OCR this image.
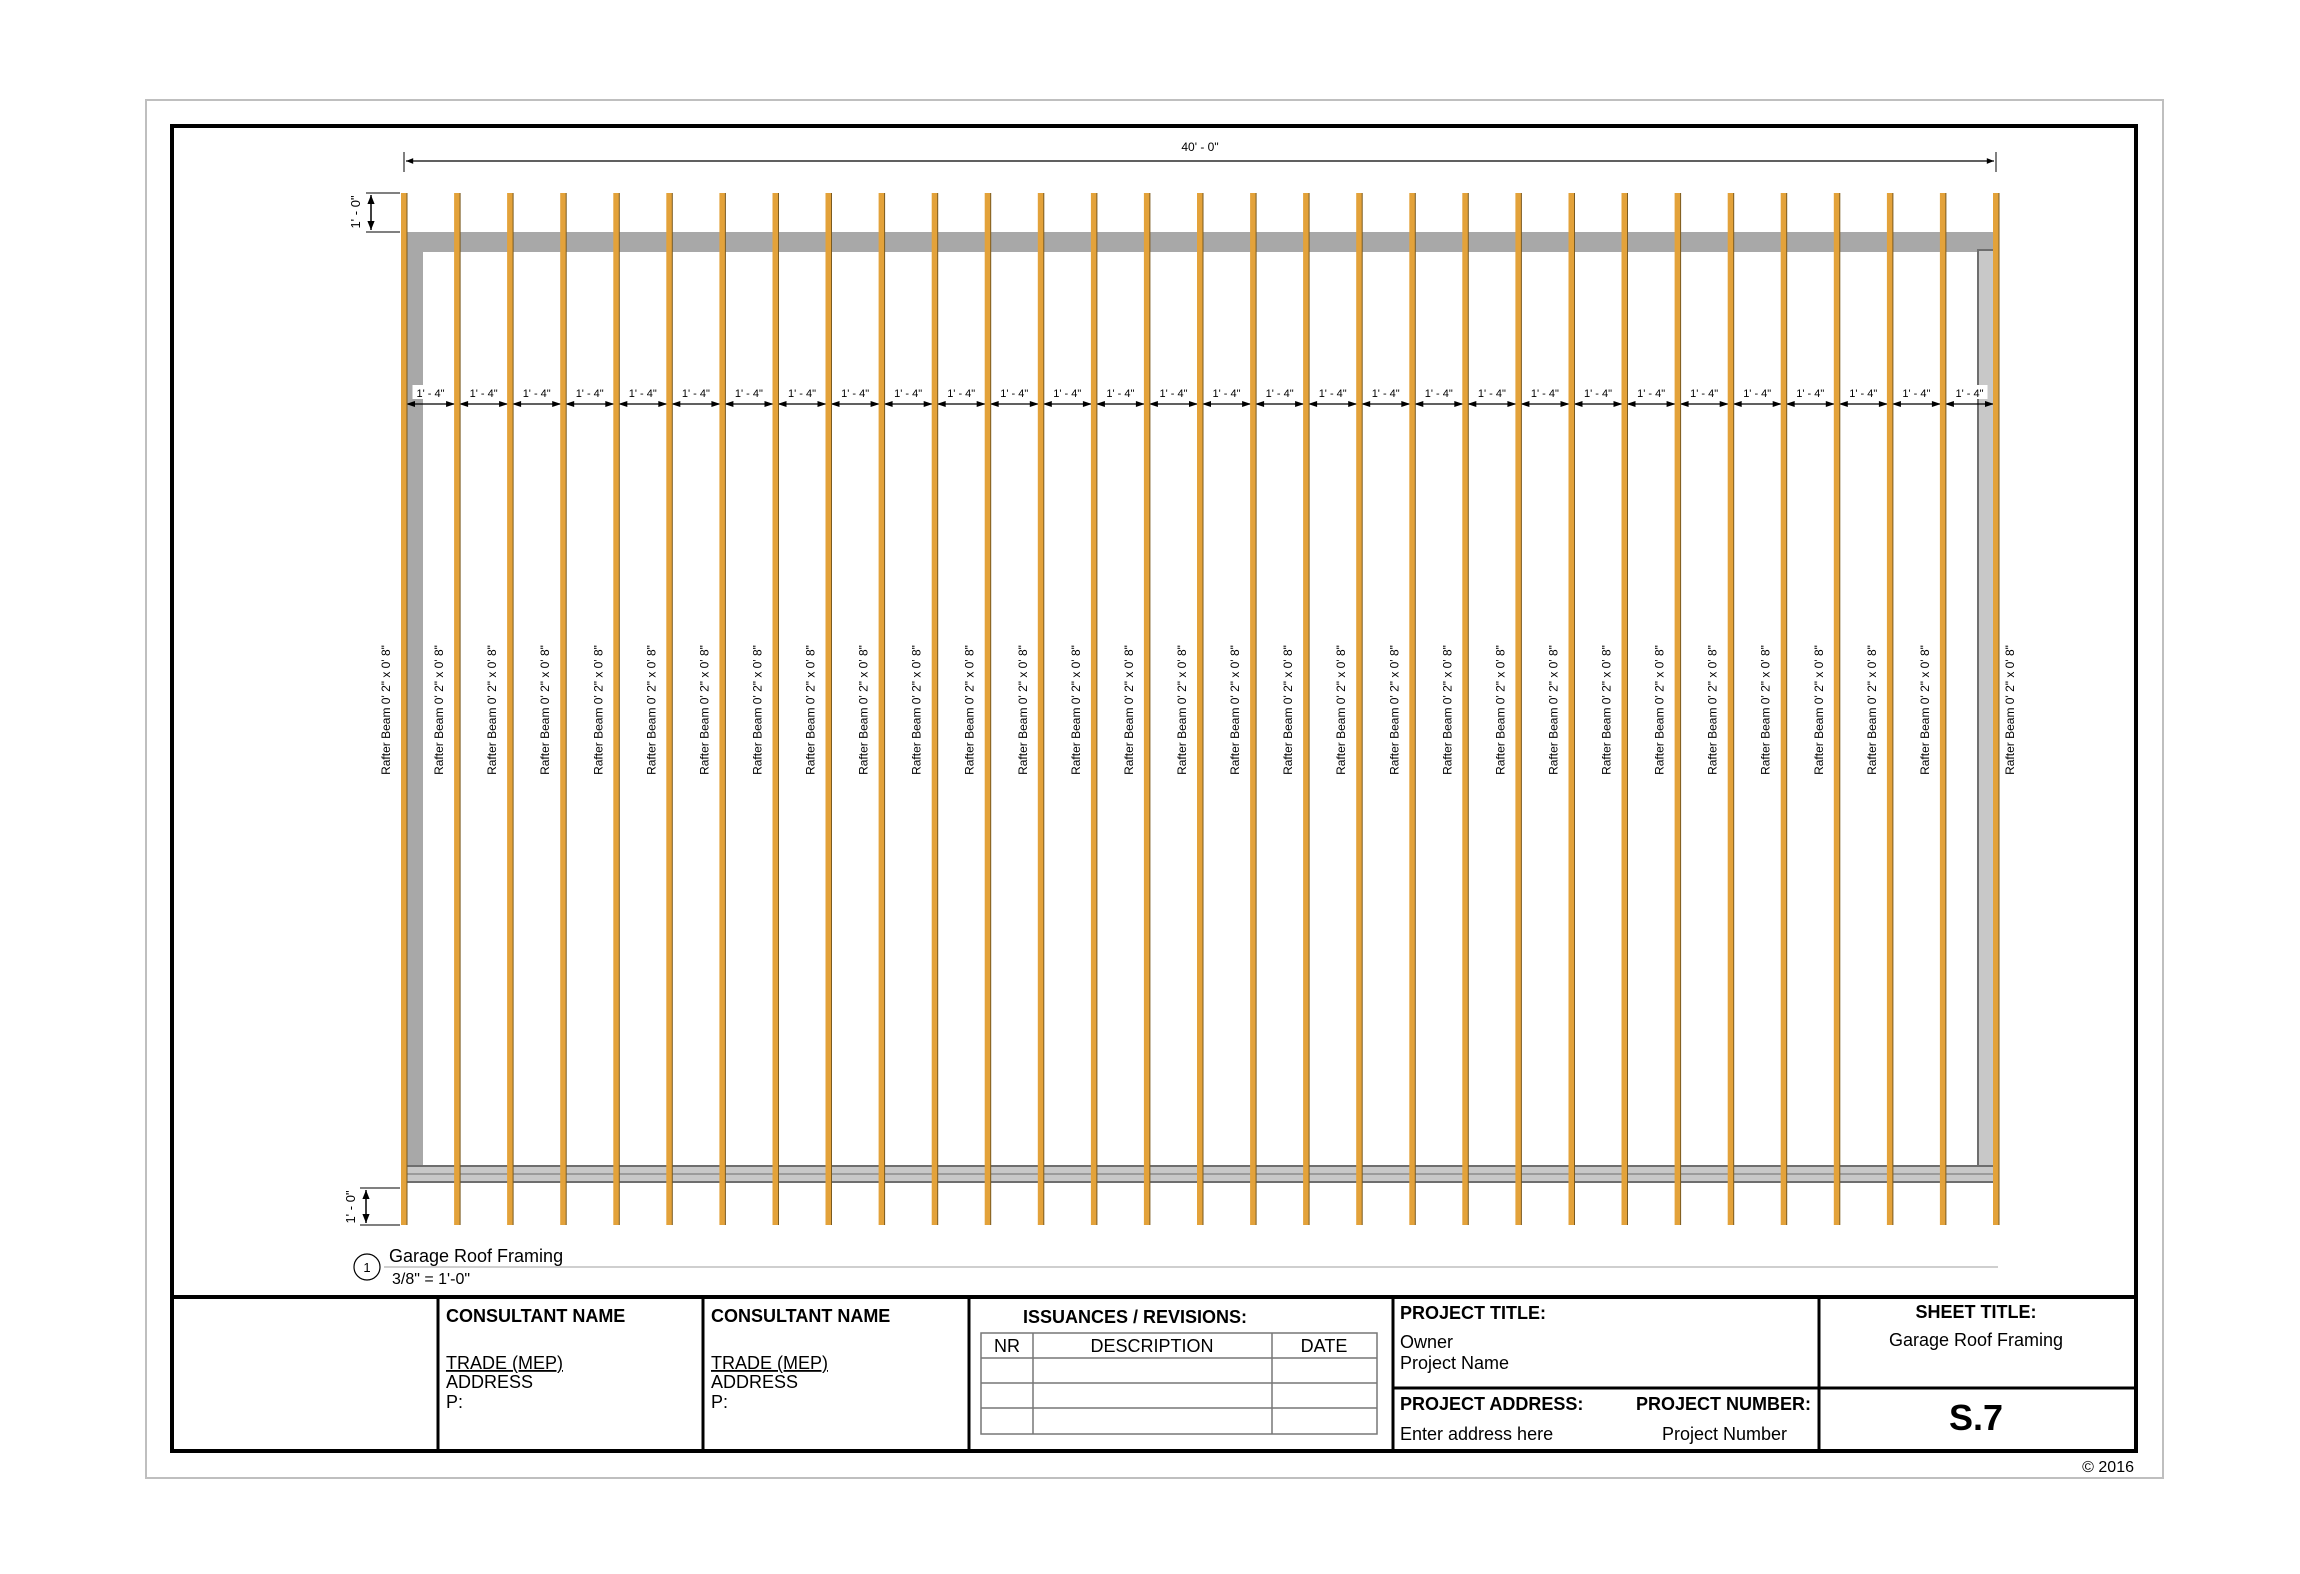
40' - 0"
1' - 0"
1' - 0"
1' - 4" 1' - 4" 1' - 4" 1' - 4" 1' - 4" 1' - 4" 1' - 4" 1' - 4" 1' - 4" 1' - 4" 1' - 4" 1' - 4" 1' - 4" 1' - 4" 1' - 4" 1' - 4" 1' - 4" 1' - 4" 1' - 4" 1' - 4" 1' - 4" 1' - 4" 1' - 4" 1' - 4" 1' - 4" 1' - 4" 1' - 4" 1' - 4" 1' - 4" 1' - 4"
Rafter Beam 0' 2" x 0' 8"	Rafter Beam 0' 2" x 0' 8"	Rafter Beam 0' 2" x 0' 8"	Rafter Beam 0' 2" x 0' 8"	Rafter Beam 0' 2" x 0' 8"	Rafter Beam 0' 2" x 0' 8"	Rafter Beam 0' 2" x 0' 8"	Rafter Beam 0' 2" x 0' 8"	Rafter Beam 0' 2" x 0' 8"	Rafter Beam 0' 2" x 0' 8"	Rafter Beam 0' 2" x 0' 8"	Rafter Beam 0' 2" x 0' 8"	Rafter Beam 0' 2" x 0' 8"	Rafter Beam 0' 2" x 0' 8"	Rafter Beam 0' 2" x 0' 8"	Rafter Beam 0' 2" x 0' 8"	Rafter Beam 0' 2" x 0' 8"	Rafter Beam 0' 2" x 0' 8"	Rafter Beam 0' 2" x 0' 8"	Rafter Beam 0' 2" x 0' 8"	Rafter Beam 0' 2" x 0' 8"	Rafter Beam 0' 2" x 0' 8"	Rafter Beam 0' 2" x 0' 8"	Rafter Beam 0' 2" x 0' 8"	Rafter Beam 0' 2" x 0' 8"	Rafter Beam 0' 2" x 0' 8"	Rafter Beam 0' 2" x 0' 8"	Rafter Beam 0' 2" x 0' 8"	Rafter Beam 0' 2" x 0' 8"	Rafter Beam 0' 2" x 0' 8"	Rafter Beam 0' 2" x 0' 8"
1
Garage Roof Framing
3/8" = 1'-0"
CONSULTANT NAME
TRADE (MEP)
ADDRESS
P:
CONSULTANT NAME
TRADE (MEP)
ADDRESS
P:
ISSUANCES / REVISIONS:
NR	DESCRIPTION	DATE
PROJECT TITLE:
Owner
Project Name
PROJECT ADDRESS:
Enter address here
PROJECT NUMBER:
Project Number
SHEET TITLE:
Garage Roof Framing
S.7
© 2016
